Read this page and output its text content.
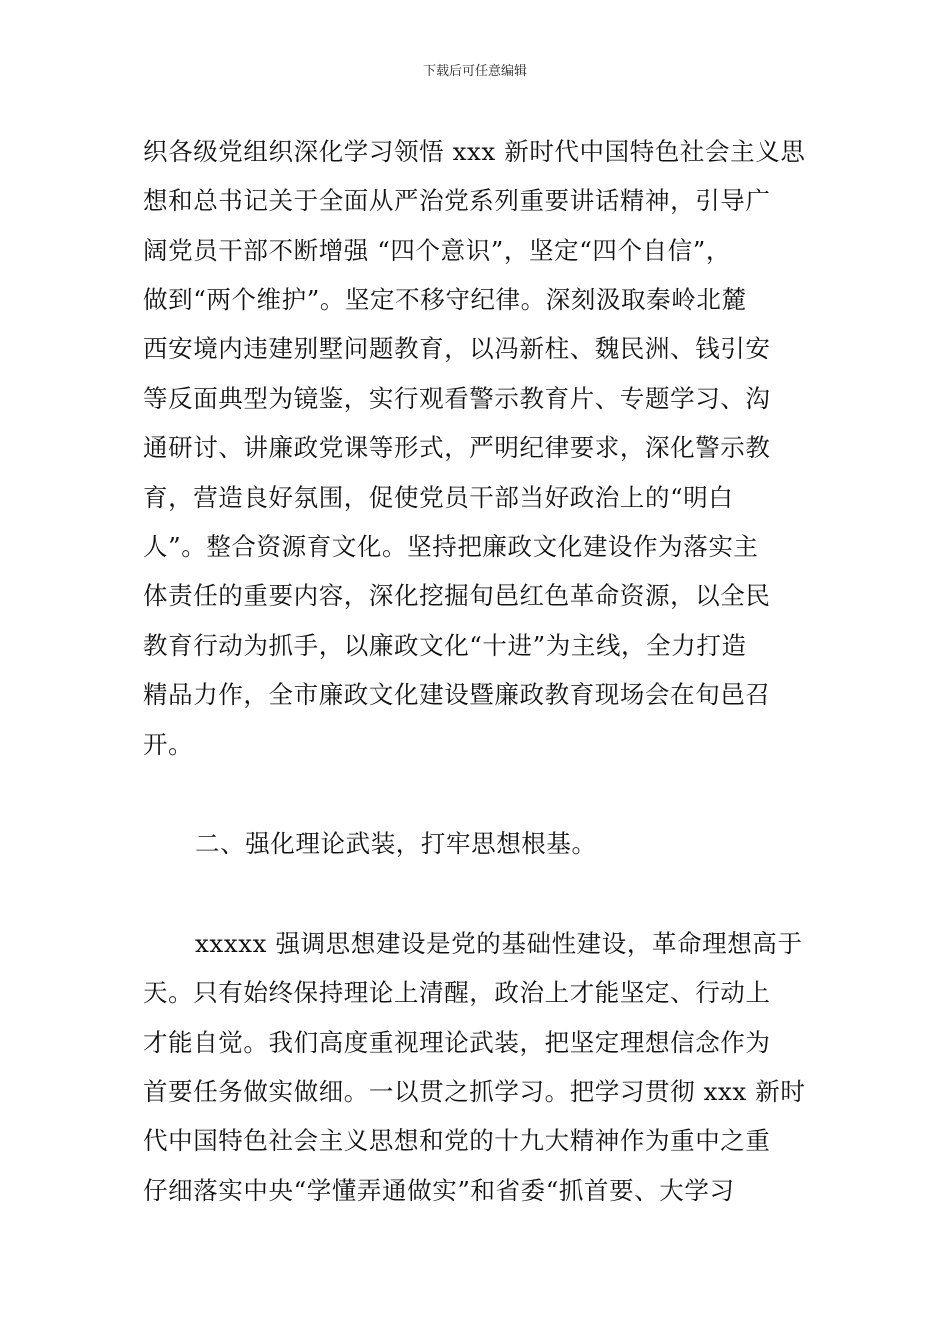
下载后可任意编辑
织各级党组织深化学习领悟 xxx 新时代中国特色社会主义思
想和总书记关于全面从严治党系列重要讲话精神，引导广
阔党员干部不断增强 “四个意识”，坚定“四个自信”，
做到“两个维护”。坚定不移守纪律。深刻汲取秦岭北麓
西安境内违建别墅问题教育，以冯新柱、魏民洲、钱引安
等反面典型为镜鉴，实行观看警示教育片、专题学习、沟
通研讨、讲廉政党课等形式，严明纪律要求，深化警示教
育，营造良好氛围，促使党员干部当好政治上的“明白
人”。整合资源育文化。坚持把廉政文化建设作为落实主
体责任的重要内容，深化挖掘旬邑红色革命资源，以全民
教育行动为抓手，以廉政文化“十进”为主线，全力打造
精品力作，全市廉政文化建设暨廉政教育现场会在旬邑召
开。
二、强化理论武装，打牢思想根基。
xxxxx 强调思想建设是党的基础性建设，革命理想高于
天。只有始终保持理论上清醒，政治上才能坚定、行动上
才能自觉。我们高度重视理论武装，把坚定理想信念作为
首要任务做实做细。一以贯之抓学习。把学习贯彻 xxx 新时
代中国特色社会主义思想和党的十九大精神作为重中之重
仔细落实中央“学懂弄通做实”和省委“抓首要、大学习
